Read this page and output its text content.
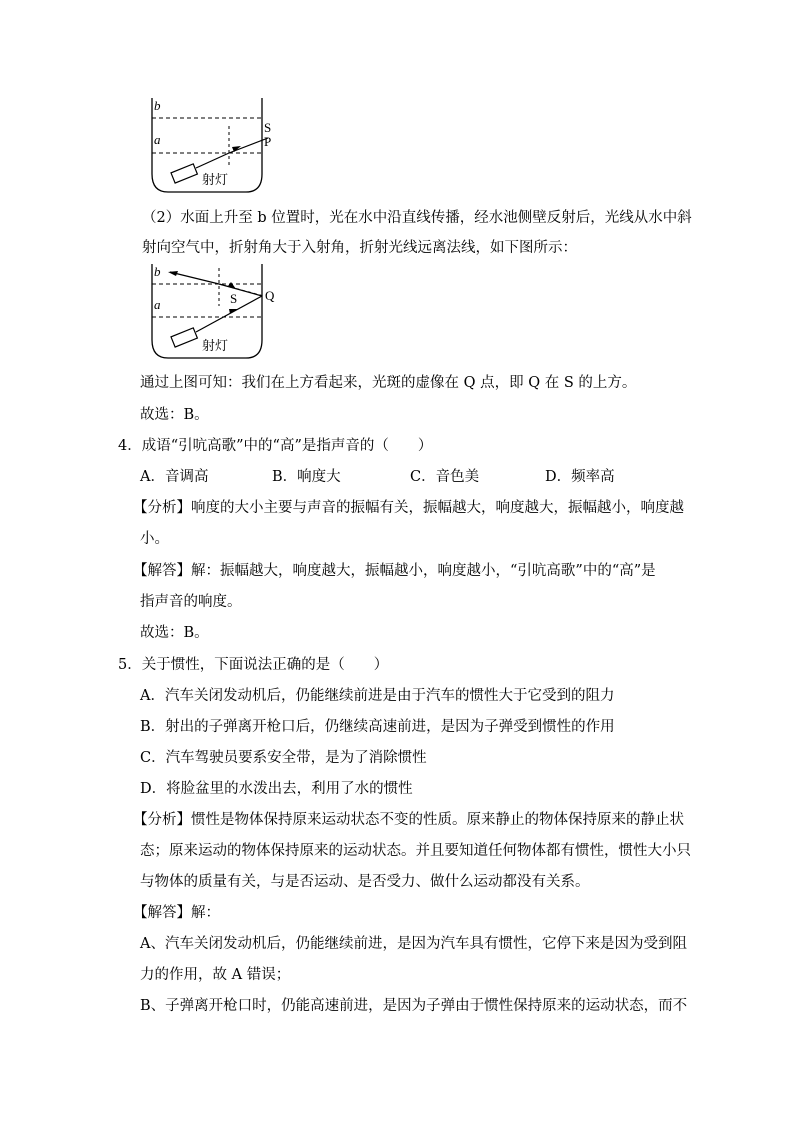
b
a
S
P
射灯
（2）水面上升至 b 位置时，光在水中沿直线传播，经水池侧壁反射后，光线从水中斜
射向空气中，折射角大于入射角，折射光线远离法线，如下图所示：
b
a	S Q
射灯
通过上图可知：我们在上方看起来，光斑的虚像在 Q 点，即 Q 在 S 的上方。
故选：B。
4．成语“引吭高歌”中的“高”是指声音的（　　）
A．音调高	B．响度大	C．音色美	D．频率高
【分析】响度的大小主要与声音的振幅有关，振幅越大，响度越大，振幅越小，响度越
小。
【解答】解：振幅越大，响度越大，振幅越小，响度越小，“引吭高歌”中的“高”是
指声音的响度。
故选：B。
5．关于惯性，下面说法正确的是（　　）
A．汽车关闭发动机后，仍能继续前进是由于汽车的惯性大于它受到的阻力
B．射出的子弹离开枪口后，仍继续高速前进，是因为子弹受到惯性的作用
C．汽车驾驶员要系安全带，是为了消除惯性
D．将脸盆里的水泼出去，利用了水的惯性
【分析】惯性是物体保持原来运动状态不变的性质。原来静止的物体保持原来的静止状
态；原来运动的物体保持原来的运动状态。并且要知道任何物体都有惯性，惯性大小只
与物体的质量有关，与是否运动、是否受力、做什么运动都没有关系。
【解答】解：
A、汽车关闭发动机后，仍能继续前进，是因为汽车具有惯性，它停下来是因为受到阻
力的作用，故 A 错误；
B、子弹离开枪口时，仍能高速前进，是因为子弹由于惯性保持原来的运动状态，而不
